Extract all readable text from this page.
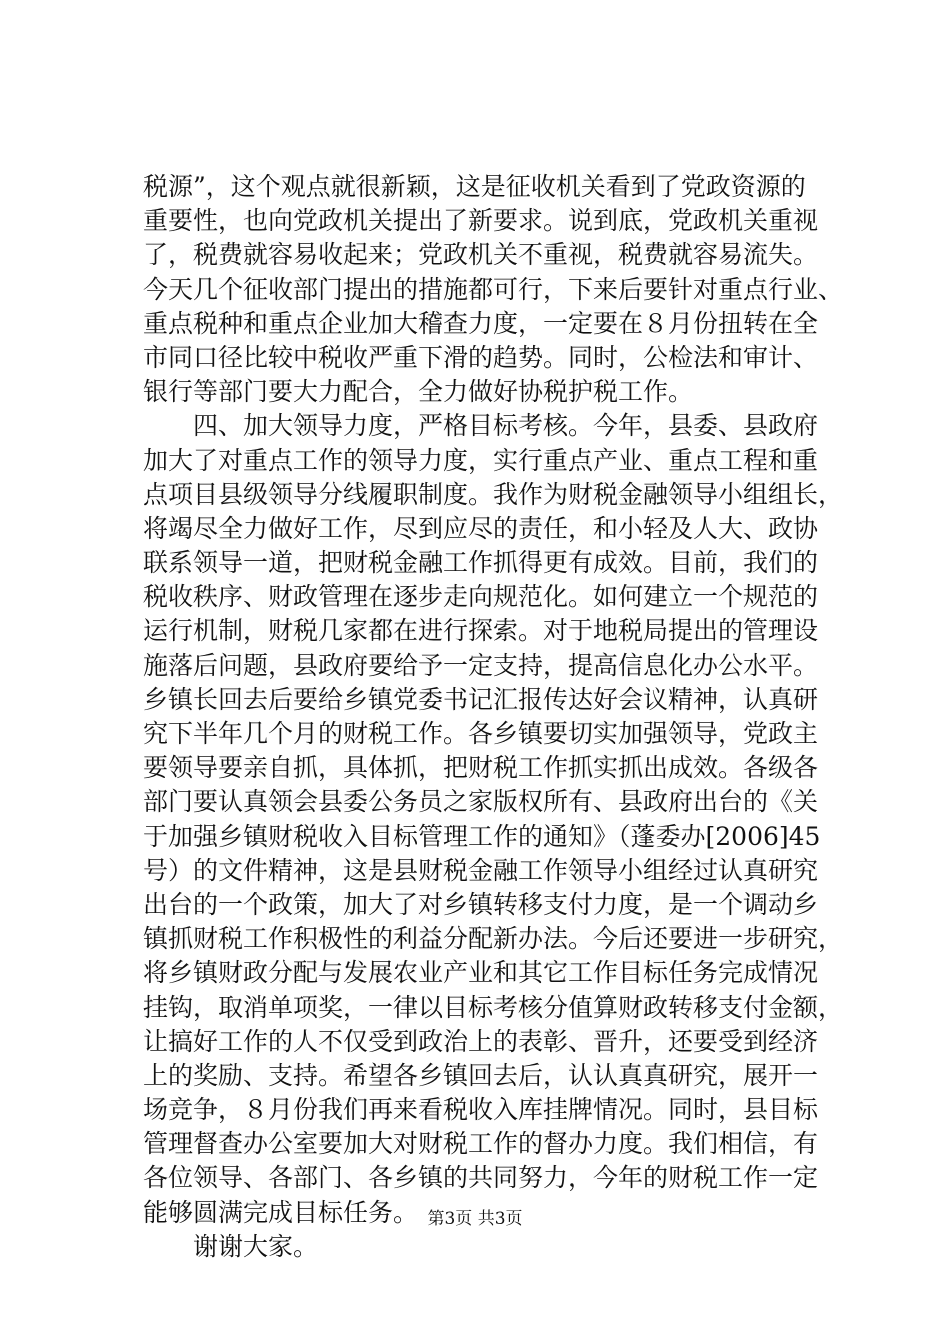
税源”，这个观点就很新颖，这是征收机关看到了党政资源的
重要性，也向党政机关提出了新要求。说到底，党政机关重视
了，税费就容易收起来；党政机关不重视，税费就容易流失。
今天几个征收部门提出的措施都可行，下来后要针对重点行业、
重点税种和重点企业加大稽查力度，一定要在８月份扭转在全
市同口径比较中税收严重下滑的趋势。同时，公检法和审计、
银行等部门要大力配合，全力做好协税护税工作。
　　四、加大领导力度，严格目标考核。今年，县委、县政府
加大了对重点工作的领导力度，实行重点产业、重点工程和重
点项目县级领导分线履职制度。我作为财税金融领导小组组长，
将竭尽全力做好工作，尽到应尽的责任，和小轻及人大、政协
联系领导一道，把财税金融工作抓得更有成效。目前，我们的
税收秩序、财政管理在逐步走向规范化。如何建立一个规范的
运行机制，财税几家都在进行探索。对于地税局提出的管理设
施落后问题，县政府要给予一定支持，提高信息化办公水平。
乡镇长回去后要给乡镇党委书记汇报传达好会议精神，认真研
究下半年几个月的财税工作。各乡镇要切实加强领导，党政主
要领导要亲自抓，具体抓，把财税工作抓实抓出成效。各级各
部门要认真领会县委公务员之家版权所有、县政府出台的《关
于加强乡镇财税收入目标管理工作的通知》（蓬委办[2006]45
号）的文件精神，这是县财税金融工作领导小组经过认真研究
出台的一个政策，加大了对乡镇转移支付力度，是一个调动乡
镇抓财税工作积极性的利益分配新办法。今后还要进一步研究，
将乡镇财政分配与发展农业产业和其它工作目标任务完成情况
挂钩，取消单项奖，一律以目标考核分值算财政转移支付金额，
让搞好工作的人不仅受到政治上的表彰、晋升，还要受到经济
上的奖励、支持。希望各乡镇回去后，认认真真研究，展开一
场竞争，８月份我们再来看税收入库挂牌情况。同时，县目标
管理督查办公室要加大对财税工作的督办力度。我们相信，有
各位领导、各部门、各乡镇的共同努力，今年的财税工作一定
能够圆满完成目标任务。
　　谢谢大家。
第3页 共3页
